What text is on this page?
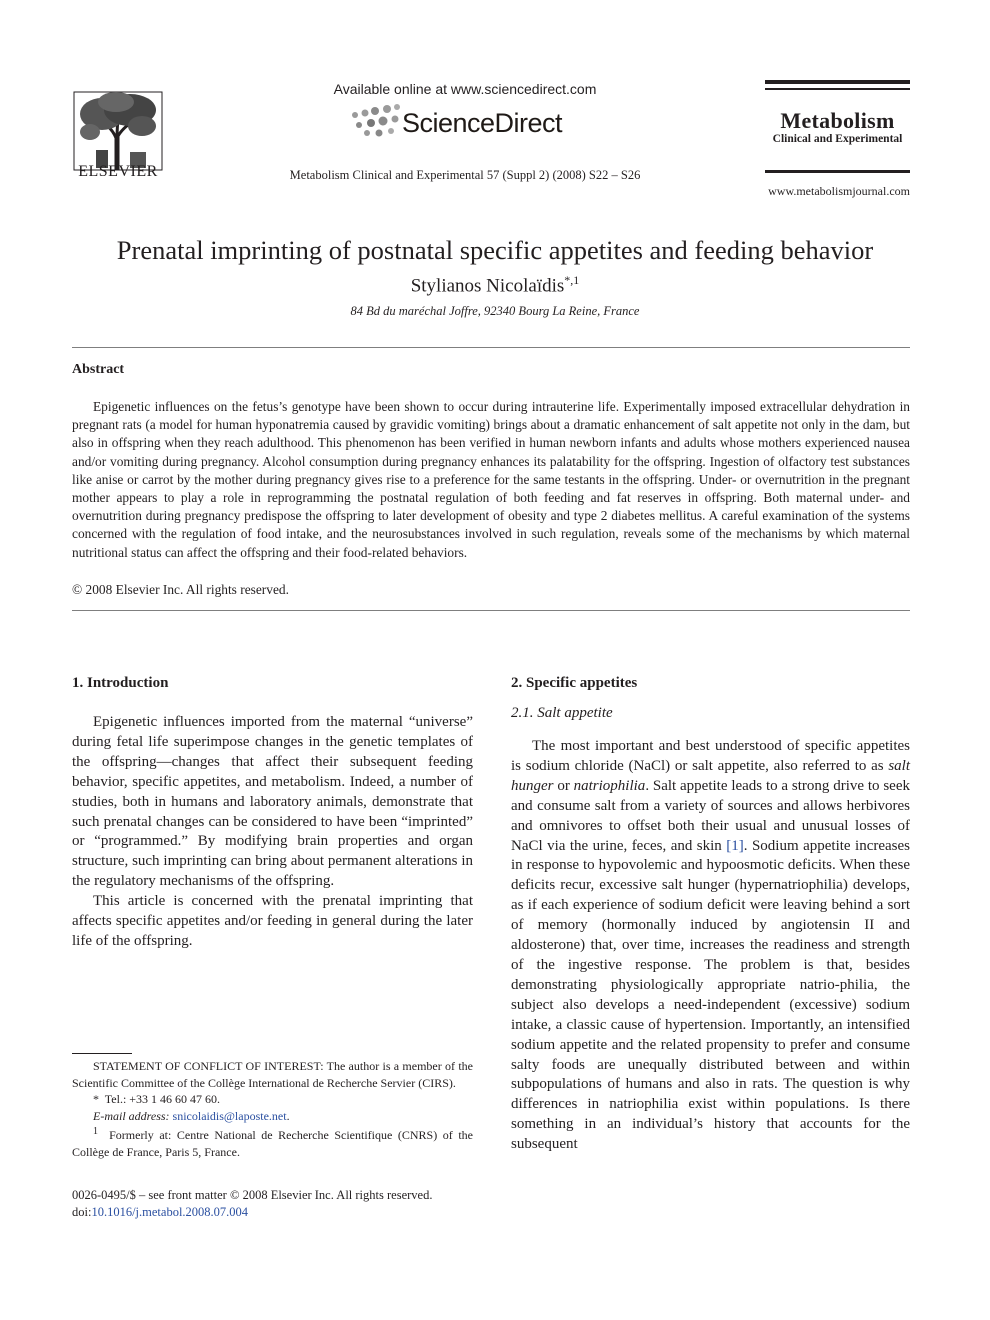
ELSEVIER
Available online at www.sciencedirect.com
ScienceDirect
Metabolism Clinical and Experimental 57 (Suppl 2) (2008) S22 – S26
Metabolism
Clinical and Experimental
www.metabolismjournal.com
Prenatal imprinting of postnatal specific appetites and feeding behavior
Stylianos Nicolaïdis$^{*,1}$
84 Bd du maréchal Joffre, 92340 Bourg La Reine, France
Abstract

Epigenetic influences on the fetus’s genotype have been shown to occur during intrauterine life. Experimentally imposed extracellular dehydration in pregnant rats (a model for human hyponatremia caused by gravidic vomiting) brings about a dramatic enhancement of salt appetite not only in the dam, but also in offspring when they reach adulthood. This phenomenon has been verified in human newborn infants and adults whose mothers experienced nausea and/or vomiting during pregnancy. Alcohol consumption during pregnancy enhances its palatability for the offspring. Ingestion of olfactory test substances like anise or carrot by the mother during pregnancy gives rise to a preference for the same testants in the offspring. Under- or overnutrition in the pregnant mother appears to play a role in reprogramming the postnatal regulation of both feeding and fat reserves in offspring. Both maternal under- and overnutrition during pregnancy predispose the offspring to later development of obesity and type 2 diabetes mellitus. A careful examination of the systems concerned with the regulation of food intake, and the neurosubstances involved in such regulation, reveals some of the mechanisms by which maternal nutritional status can affect the offspring and their food-related behaviors.

© 2008 Elsevier Inc. All rights reserved.
1. Introduction

Epigenetic influences imported from the maternal “universe” during fetal life superimpose changes in the genetic templates of the offspring—changes that affect their subsequent feeding behavior, specific appetites, and metabolism. Indeed, a number of studies, both in humans and laboratory animals, demonstrate that such prenatal changes can be considered to have been “imprinted” or “programmed.” By modifying brain properties and organ structure, such imprinting can bring about permanent alterations in the regulatory mechanisms of the offspring.

This article is concerned with the prenatal imprinting that affects specific appetites and/or feeding in general during the later life of the offspring.

STATEMENT OF CONFLICT OF INTEREST: The author is a member of the Scientific Committee of the Collège International de Recherche Servier (CIRS).

* Tel.: +33 1 46 60 47 60.

E-mail address: snicolaidis@laposte.net.

$^1$ Formerly at: Centre National de Recherche Scientifique (CNRS) of the Collège de France, Paris 5, France.

0026-0495/$ – see front matter © 2008 Elsevier Inc. All rights reserved.
doi:10.1016/j.metabol.2008.07.004
2. Specific appetites
2.1. Salt appetite

The most important and best understood of specific appetites is sodium chloride (NaCl) or salt appetite, also referred to as salt hunger or natriophilia. Salt appetite leads to a strong drive to seek and consume salt from a variety of sources and allows herbivores and omnivores to offset both their usual and unusual losses of NaCl via the urine, feces, and skin [1]. Sodium appetite increases in response to hypovolemic and hypoosmotic deficits. When these deficits recur, excessive salt hunger (hypernatriophilia) develops, as if each experience of sodium deficit were leaving behind a sort of memory (hormonally induced by angiotensin II and aldosterone) that, over time, increases the readiness and strength of the ingestive response. The problem is that, besides demonstrating physiologically appropriate natrio-philia, the subject also develops a need-independent (excessive) sodium intake, a classic cause of hypertension. Importantly, an intensified sodium appetite and the related propensity to prefer and consume salty foods are unequally distributed between and within subpopulations of humans and also in rats. The question is why differences in natriophilia exist within populations. Is there something in an individual’s history that accounts for the subsequent
